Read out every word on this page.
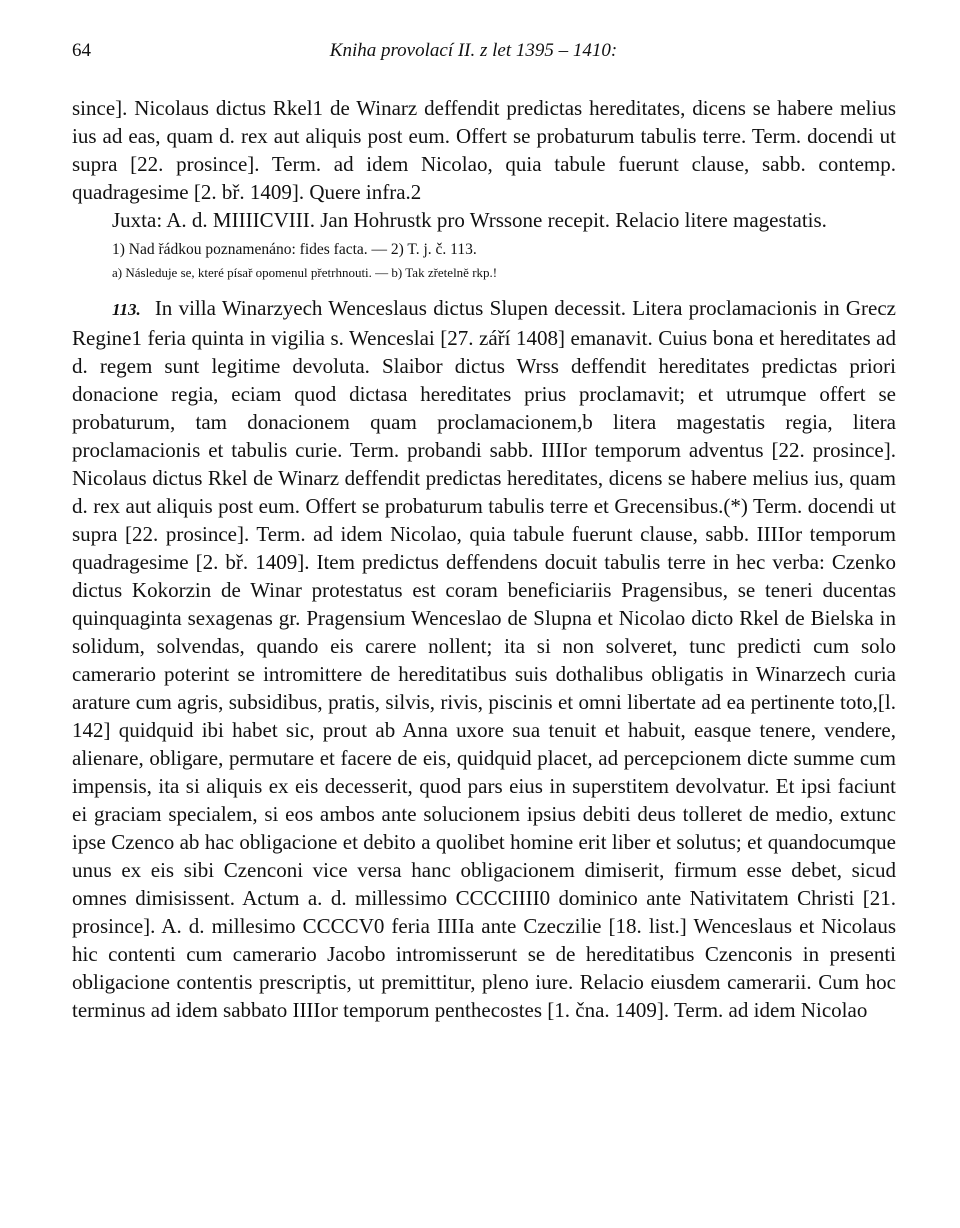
64	Kniha provolací II. z let 1395 – 1410:

since]. Nicolaus dictus Rkel1 de Winarz deffendit predictas hereditates, dicens se habere melius ius ad eas, quam d. rex aut aliquis post eum. Offert se probaturum tabulis terre. Term. docendi ut supra [22. prosince]. Term. ad idem Nicolao, quia tabule fuerunt clause, sabb. contemp. quadragesime [2. bř. 1409]. Quere infra.2

Juxta: A. d. MIIIICVIII. Jan Hohrustk pro Wrssone recepit. Relacio litere magestatis.

1) Nad řádkou poznamenáno: fides facta. — 2) T. j. č. 113.
a) Následuje se, které písař opomenul přetrhnouti. — b) Tak zřetelně rkp.!

113. In villa Winarzyech Wenceslaus dictus Slupen decessit. Litera proclamacionis in Grecz Regine1 feria quinta in vigilia s. Wenceslai [27. září 1408] emanavit. Cuius bona et hereditates ad d. regem sunt legitime devoluta. Slaibor dictus Wrss deffendit hereditates predictas priori donacione regia, eciam quod dictasa hereditates prius proclamavit; et utrumque offert se probaturum, tam donacionem quam proclamacionem,b litera magestatis regia, litera proclamacionis et tabulis curie. Term. probandi sabb. IIIIor temporum adventus [22. prosince]. Nicolaus dictus Rkel de Winarz deffendit predictas hereditates, dicens se habere melius ius, quam d. rex aut aliquis post eum. Offert se probaturum tabulis terre et Grecensibus.(*) Term. docendi ut supra [22. prosince]. Term. ad idem Nicolao, quia tabule fuerunt clause, sabb. IIIIor temporum quadragesime [2. bř. 1409]. Item predictus deffendens docuit tabulis terre in hec verba: Czenko dictus Kokorzin de Winar protestatus est coram beneficiariis Pragensibus, se teneri ducentas quinquaginta sexagenas gr. Pragensium Wenceslao de Slupna et Nicolao dicto Rkel de Bielska in solidum, solvendas, quando eis carere nollent; ita si non solveret, tunc predicti cum solo camerario poterint se intromittere de hereditatibus suis dothalibus obligatis in Winarzech curia arature cum agris, subsidibus, pratis, silvis, rivis, piscinis et omni libertate ad ea pertinente toto,[l. 142] quidquid ibi habet sic, prout ab Anna uxore sua tenuit et habuit, easque tenere, vendere, alienare, obligare, permutare et facere de eis, quidquid placet, ad percepcionem dicte summe cum impensis, ita si aliquis ex eis decesserit, quod pars eius in superstitem devolvatur. Et ipsi faciunt ei graciam specialem, si eos ambos ante solucionem ipsius debiti deus tolleret de medio, extunc ipse Czenco ab hac obligacione et debito a quolibet homine erit liber et solutus; et quandocumque unus ex eis sibi Czenconi vice versa hanc obligacionem dimiserit, firmum esse debet, sicud omnes dimisissent. Actum a. d. millessimo CCCCIIII0 dominico ante Nativitatem Christi [21. prosince]. A. d. millesimo CCCCV0 feria IIIIa ante Czeczilie [18. list.] Wenceslaus et Nicolaus hic contenti cum camerario Jacobo intromisserunt se de hereditatibus Czenconis in presenti obligacione contentis prescriptis, ut premittitur, pleno iure. Relacio eiusdem camerarii. Cum hoc terminus ad idem sabbato IIIIor temporum penthecostes [1. čna. 1409]. Term. ad idem Nicolao
